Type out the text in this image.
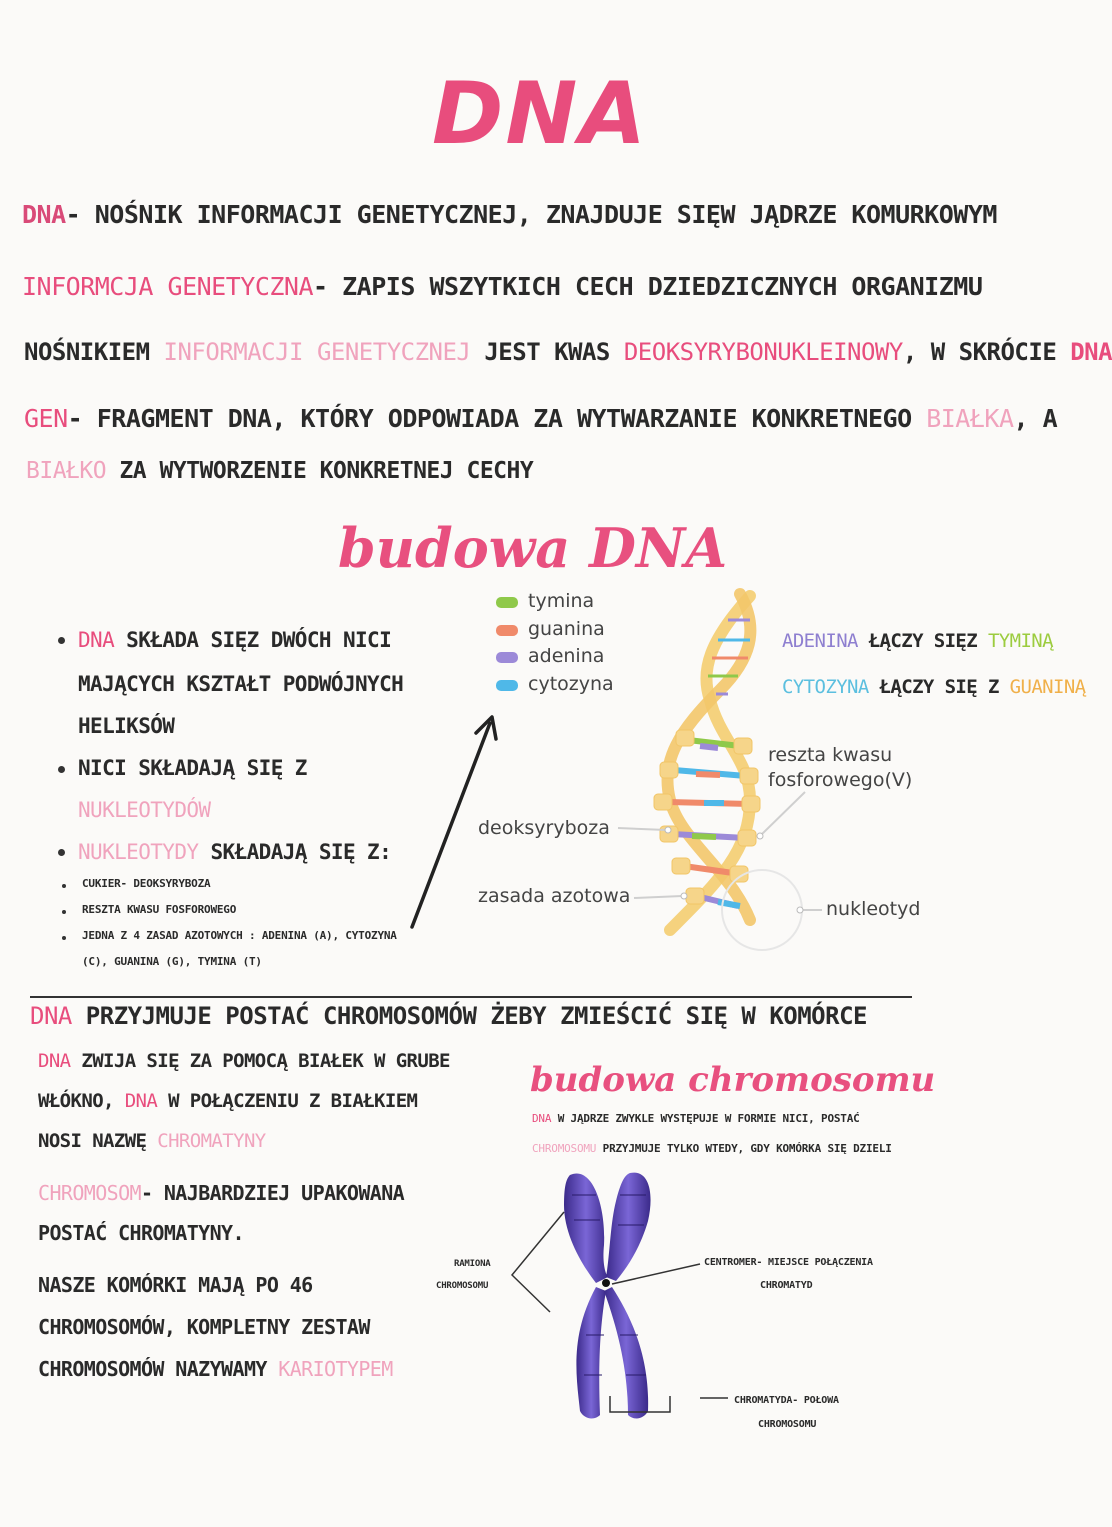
DNA
DNA- NOŚNIK INFORMACJI GENETYCZNEJ, ZNAJDUJE SIĘW JĄDRZE KOMURKOWYM
INFORMCJA GENETYCZNA- ZAPIS WSZYTKICH CECH DZIEDZICZNYCH ORGANIZMU
NOŚNIKIEM INFORMACJI GENETYCZNEJ JEST KWAS DEOKSYRYBONUKLEINOWY, W SKRÓCIE DNA
GEN- FRAGMENT DNA, KTÓRY ODPOWIADA ZA WYTWARZANIE KONKRETNEGO BIAŁKA, A
BIAŁKO ZA WYTWORZENIE KONKRETNEJ CECHY
budowa DNA
DNA SKŁADA SIĘZ DWÓCH NICI
MAJĄCYCH KSZTAŁT PODWÓJNYCH
HELIKSÓW
NICI SKŁADAJĄ SIĘ Z
NUKLEOTYDÓW
NUKLEOTYDY SKŁADAJĄ SIĘ Z:
CUKIER- DEOKSYRYBOZA
RESZTA KWASU FOSFOROWEGO
JEDNA Z 4 ZASAD AZOTOWYCH : ADENINA (A), CYTOZYNA
(C), GUANINA (G), TYMINA (T)
tymina
guanina
adenina
cytozyna
deoksyryboza
zasada azotowa
reszta kwasu
fosforowego(V)
nukleotyd
ADENINA ŁĄCZY SIĘZ TYMINĄ
CYTOZYNA ŁĄCZY SIĘ Z GUANINĄ
DNA PRZYJMUJE POSTAĆ CHROMOSOMÓW ŻEBY ZMIEŚCIĆ SIĘ W KOMÓRCE
DNA ZWIJA SIĘ ZA POMOCĄ BIAŁEK W GRUBE
WŁÓKNO, DNA W POŁĄCZENIU Z BIAŁKIEM
NOSI NAZWĘ CHROMATYNY
CHROMOSOM- NAJBARDZIEJ UPAKOWANA
POSTAĆ CHROMATYNY.
NASZE KOMÓRKI MAJĄ PO 46
CHROMOSOMÓW, KOMPLETNY ZESTAW
CHROMOSOMÓW NAZYWAMY KARIOTYPEM
budowa chromosomu
DNA W JĄDRZE ZWYKLE WYSTĘPUJE W FORMIE NICI, POSTAĆ
CHROMOSOMU PRZYJMUJE TYLKO WTEDY, GDY KOMÓRKA SIĘ DZIELI
RAMIONA
CHROMOSOMU
CENTROMER- MIEJSCE POŁĄCZENIA
CHROMATYD
CHROMATYDA- POŁOWA
CHROMOSOMU
